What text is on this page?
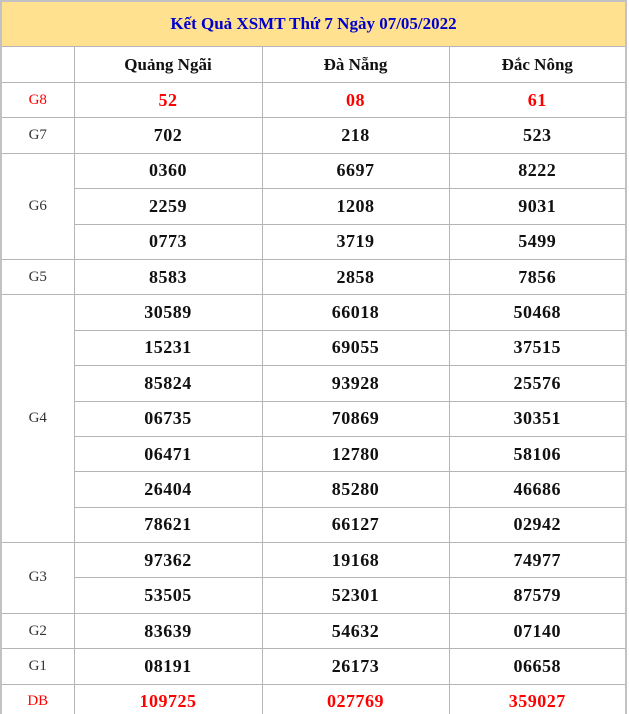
Kết Quả XSMT Thứ 7 Ngày 07/05/2022			
	Quảng Ngãi	Đà Nẵng	Đắc Nông
G8	52	08	61
G7	702	218	523
G6	0360	6697	8222
	2259	1208	9031
	0773	3719	5499
G5	8583	2858	7856
G4	30589	66018	50468
	15231	69055	37515
	85824	93928	25576
	06735	70869	30351
	06471	12780	58106
	26404	85280	46686
	78621	66127	02942
G3	97362	19168	74977
	53505	52301	87579
G2	83639	54632	07140
G1	08191	26173	06658
DB	109725	027769	359027
